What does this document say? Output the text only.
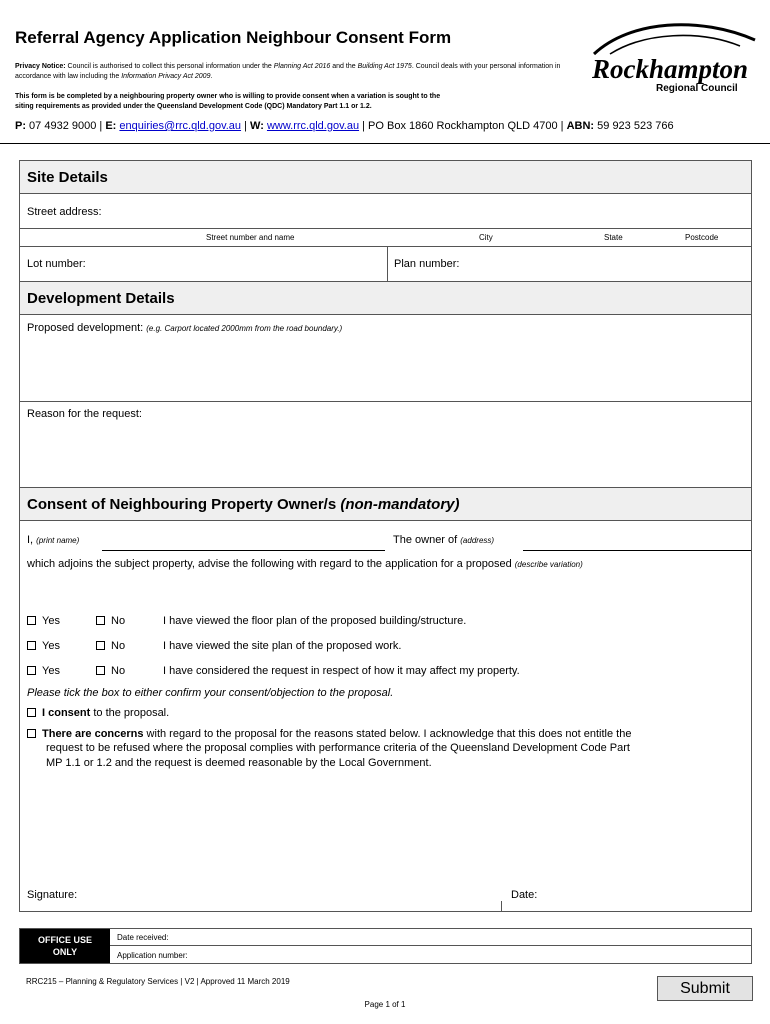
Referral Agency Application Neighbour Consent Form
Privacy Notice: Council is authorised to collect this personal information under the Planning Act 2016 and the Building Act 1975. Council deals with your personal information in accordance with law including the Information Privacy Act 2009.
This form is be completed by a neighbouring property owner who is willing to provide consent when a variation is sought to the
siting requirements as provided under the Queensland Development Code (QDC) Mandatory Part 1.1 or 1.2.
Rockhampton
Regional Council
P: 07 4932 9000 | E: enquiries@rrc.qld.gov.au | W: www.rrc.qld.gov.au | PO Box 1860 Rockhampton QLD 4700 | ABN: 59 923 523 766
Site Details
Street address:
Street number and name	City	State	Postcode
Lot number:	Plan number:
Development Details
Proposed development: (e.g. Carport located 2000mm from the road boundary.)
Reason for the request:
Consent of Neighbouring Property Owner/s (non-mandatory)
I, (print name)	The owner of (address)
which adjoins the subject property, advise the following with regard to the application for a proposed (describe variation)
Yes	No	I have viewed the floor plan of the proposed building/structure.
Yes	No	I have viewed the site plan of the proposed work.
Yes	No	I have considered the request in respect of how it may affect my property.
Please tick the box to either confirm your consent/objection to the proposal.
I consent to the proposal.
There are concerns with regard to the proposal for the reasons stated below. I acknowledge that this does not entitle the
request to be refused where the proposal complies with performance criteria of the Queensland Development Code Part
MP 1.1 or 1.2 and the request is deemed reasonable by the Local Government.
Signature:	Date:
Date received:
Application number:
OFFICE USE
ONLY
RRC215 – Planning & Regulatory Services | V2 | Approved 11 March 2019
Page 1 of 1
Submit
